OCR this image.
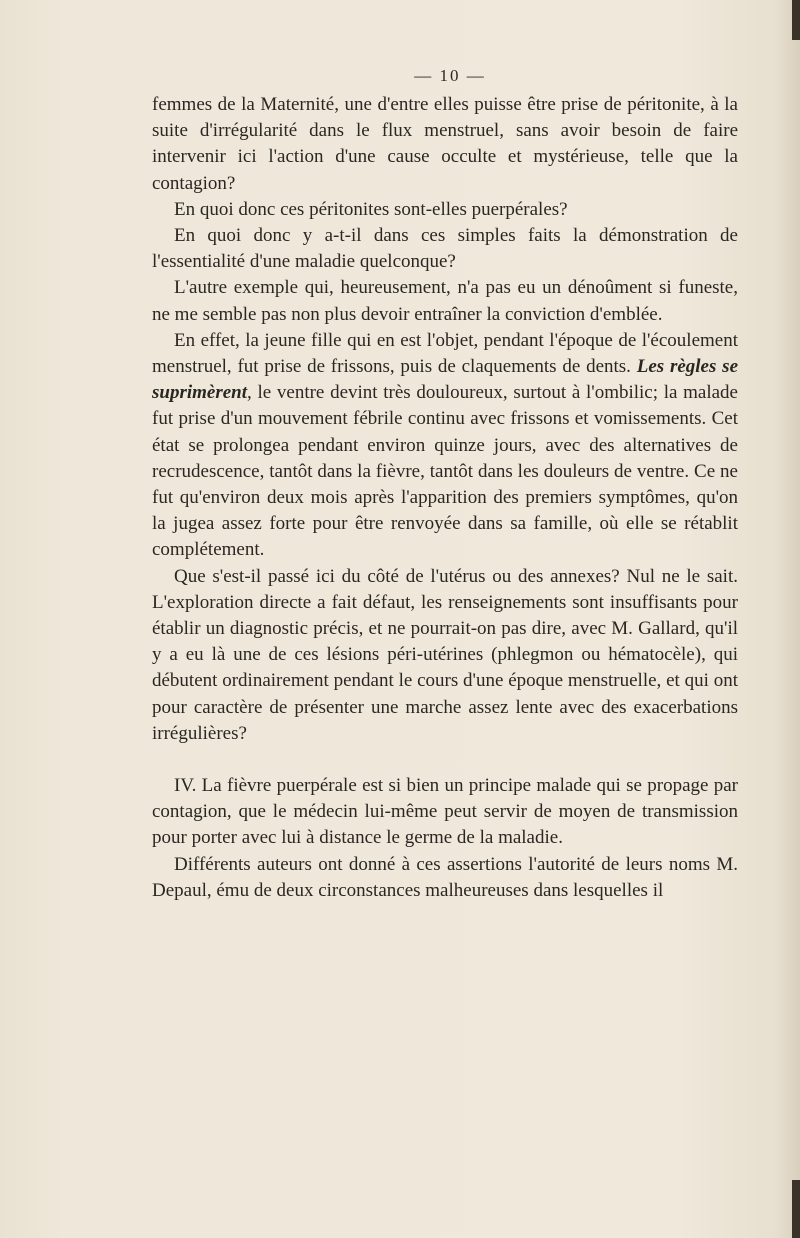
— 10 —

femmes de la Maternité, une d'entre elles puisse être prise de péritonite, à la suite d'irrégularité dans le flux menstruel, sans avoir besoin de faire intervenir ici l'action d'une cause occulte et mystérieuse, telle que la contagion?

En quoi donc ces péritonites sont-elles puerpérales?

En quoi donc y a-t-il dans ces simples faits la démonstration de l'essentialité d'une maladie quelconque?

L'autre exemple qui, heureusement, n'a pas eu un dénoûment si funeste, ne me semble pas non plus devoir entraîner la conviction d'emblée.

En effet, la jeune fille qui en est l'objet, pendant l'époque de l'écoulement menstruel, fut prise de frissons, puis de claquements de dents. Les règles se suprimèrent, le ventre devint très douloureux, surtout à l'ombilic; la malade fut prise d'un mouvement fébrile continu avec frissons et vomissements. Cet état se prolongea pendant environ quinze jours, avec des alternatives de recrudescence, tantôt dans la fièvre, tantôt dans les douleurs de ventre. Ce ne fut qu'environ deux mois après l'apparition des premiers symptômes, qu'on la jugea assez forte pour être renvoyée dans sa famille, où elle se rétablit complétement.

Que s'est-il passé ici du côté de l'utérus ou des annexes? Nul ne le sait. L'exploration directe a fait défaut, les renseignements sont insuffisants pour établir un diagnostic précis, et ne pourrait-on pas dire, avec M. Gallard, qu'il y a eu là une de ces lésions péri-utérines (phlegmon ou hématocèle), qui débutent ordinairement pendant le cours d'une époque menstruelle, et qui ont pour caractère de présenter une marche assez lente avec des exacerbations irrégulières?

IV. La fièvre puerpérale est si bien un principe malade qui se propage par contagion, que le médecin lui-même peut servir de moyen de transmission pour porter avec lui à distance le germe de la maladie.

Différents auteurs ont donné à ces assertions l'autorité de leurs noms M. Depaul, ému de deux circonstances malheureuses dans lesquelles il
